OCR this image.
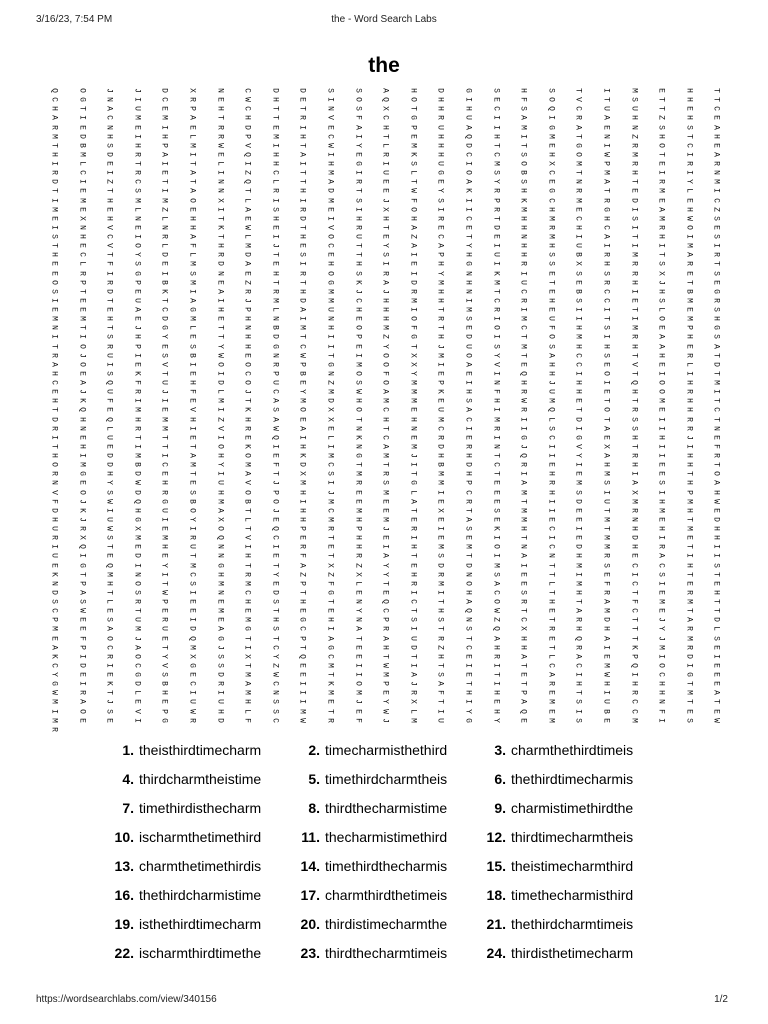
3/16/23, 7:54 PM	the - Word Search Labs
the
Q O J J D X N C D D S S A H D G S H S T I M E H T
C G N I C R E W H E I O Q O H I E F O V T S T H T
H T A U E P H C T T N S X T H H C S Q C U U T E C
A I C M M A T H T R V F C G R U I A I R A H Z H E
R E N E I E R D E I E A H P U A I M G A E N S S A
M D H I H L R P M H C I T E H Q H I M T N Z H T H
T B S H P M W V I T W Y L M H D T T E G I R O C E
H M D R A I E Q H A I E R K H C C S H O W M T I A
I L E T I T L I H I H G I S U I M O X M P R E R R
R C I R E A I Z C T M I U L G O S B C T M H I I N
D I Z C T T N Q L T A R E T E A Y S E N A T R Y M
T E T S I A N T R H D T E W Y K R H G R T E M L I
I M H M M O X L I I M S J F S I P K C M R D E E C
M E E L Z E I A S R E I X O I I R M H E G I A H Z
E X H N L H T E H D I H H H R C T H M C H S M W S
I N V E N H K W E T V R T A E E D H R H C I R O E
S H C I R A T L I H O U E Z C T E N M I A T H I S
T E V O L F H M J E C T Y A A Y I H H U I I I M I
H C T Y D L R D T S E T S I P H U H S B R M T A R
E L F S E M D A E I H H I E H G I R S X H R S R T
E R I G I S N E H R O S R I Y N K I E S S R X E S
O P R P B M E Z T T G K A D M H M U T E R H J T E
S T D E K I A R R H M J J R H N T C E B C I H B G
I E T U T A I J M D M C H M H I C R H S C E S M R
E E E A C G H P L A U H H I T M R I E I I T L E S
M M H E D M E H N I N E H O R S I M U I T I O M H
N T T J G L T N B M H O M F T E O C F H S M E P G
I I S H Y E T H D T I P Z G H D I T O M I R A H S
T O R P E S Y H G C I E Y T J U S M S H H H A E A
R J U I S B W E N W T I O X M O Y T A C S T H R T
A O I E V I O O R P G M O X I A V E H C E V E L D
H E S K T E I C P B N O F Y E E I Q H I O T I I T
C A Q F U H D O U E Z S O M P I N H J H I Q O H M
E J U R J F L J C Y M W A M K H F R U H E H O R I
H K F I I E M T A M D H M M E S H W M E T T M H T
T Q E M E V I K S O X O C E U A I R Q T O R E H C
D H Q H M H Z H A E X T H H M C M I L D T S I R T
R N L R M I V R W A E N T N C I R I S I A S I R N
I E U T T E I E Q I L K C E R E I G C G E H H J E
T H E I T T O K I H I N A M D R N J I V X T I I F
H I D M I A H O E K M G M J H H T Q I Y A R I H R
O M D B C M Y M F D C T T I B D C R E I H H E H T
R G H D E T I A T X S M R T M H T I H E M I E T O
N E Y W H E U V J M I R S G M P E A R M S A S H A
V O S D R S H O P H J E M L I C E M H S I X I P H
F J W Q G B M B O I M E E A E R E T I D U M H M W
D K I H U O A T J H C M E T X T S M I E T R M H E
H J U G I Y X L E H M H M E E A E M E E M N E T D
U R W X E I O T Q P R P J R I S K H C I T H H M H
R X S M M R Q V C E T H E I E E I T I E M D I E H
I Q T E H U N I I R E H I H M M O N C D M H R T I
U I E D E T N H E F T R A T S T I A N H R E A I I
E G Q I Y M G T T A X Z Y E D D M I T M S C C H S
K T M N I C H R Y Z Z X Y H R N S E T I E I S T T
N P H O T S M M E P F L T R M O A E L M F C I E E
D A T S W I N C D T G E E I I H C S T H R T E R H
S S L R P E E H S H T N Q C T A O R H T A F M M T
C W E T E E M E T E E Y C T H Q W T E A M C E T T
P E S U R I E M H G H N P S S N Z C T R D T J A D
M E A M U D A G S C I A R I T S Q X R H H T Y R L
E F O J E Q G T T P A T A U R T A H E Q A T J M S
A P C A T M J I C T G E H D Z C H H T R I K M R E
K I R O Y X S X Y Q C E T T H E R A L A E P I D I
C D I C V G S T Z E M I W I T I I T C C M Q O I E
Y E E G S E D M W E T I M A S E T E A I W I C G E
G I K D B C R A C I K O P J A T I T R H H H H T E
W R T L H I I M N I M M E R F H H P E T I R H M A
M A J E E U U H S I E J Y X T I E A M S U C N T T
I O S V P W H L S M T E W L I Y H Q E I B C F E E
M E E I G R D F C W R F J M U G Y E M S E M I S W
R
1. theisthirdtimecharm	2. timecharmisthethird	3. charmthethirdtimeis
4. thirdcharmtheistime	5. timethirdcharmtheis	6. thethirdtimecharmis
7. timethirdisthecharm	8. thirdthecharmistime	9. charmistimethirdthe
10. ischarmthetimethird	11. thecharmistimethird	12. thirdtimecharmtheis
13. charmthetimethirdis	14. timethirdthecharmis	15. theistimecharmthird
16. thethirdcharmistime	17. charmthirdthetimeis	18. timethecharmisthird
19. isthethirdtimecharm	20. thirdistimecharmthe	21. thethirdcharmtimeis
22. ischarmthirdtimethe	23. thirdthecharmtimeis	24. thirdisthetimecharm
https://wordsearchlabs.com/view/340156	1/2
